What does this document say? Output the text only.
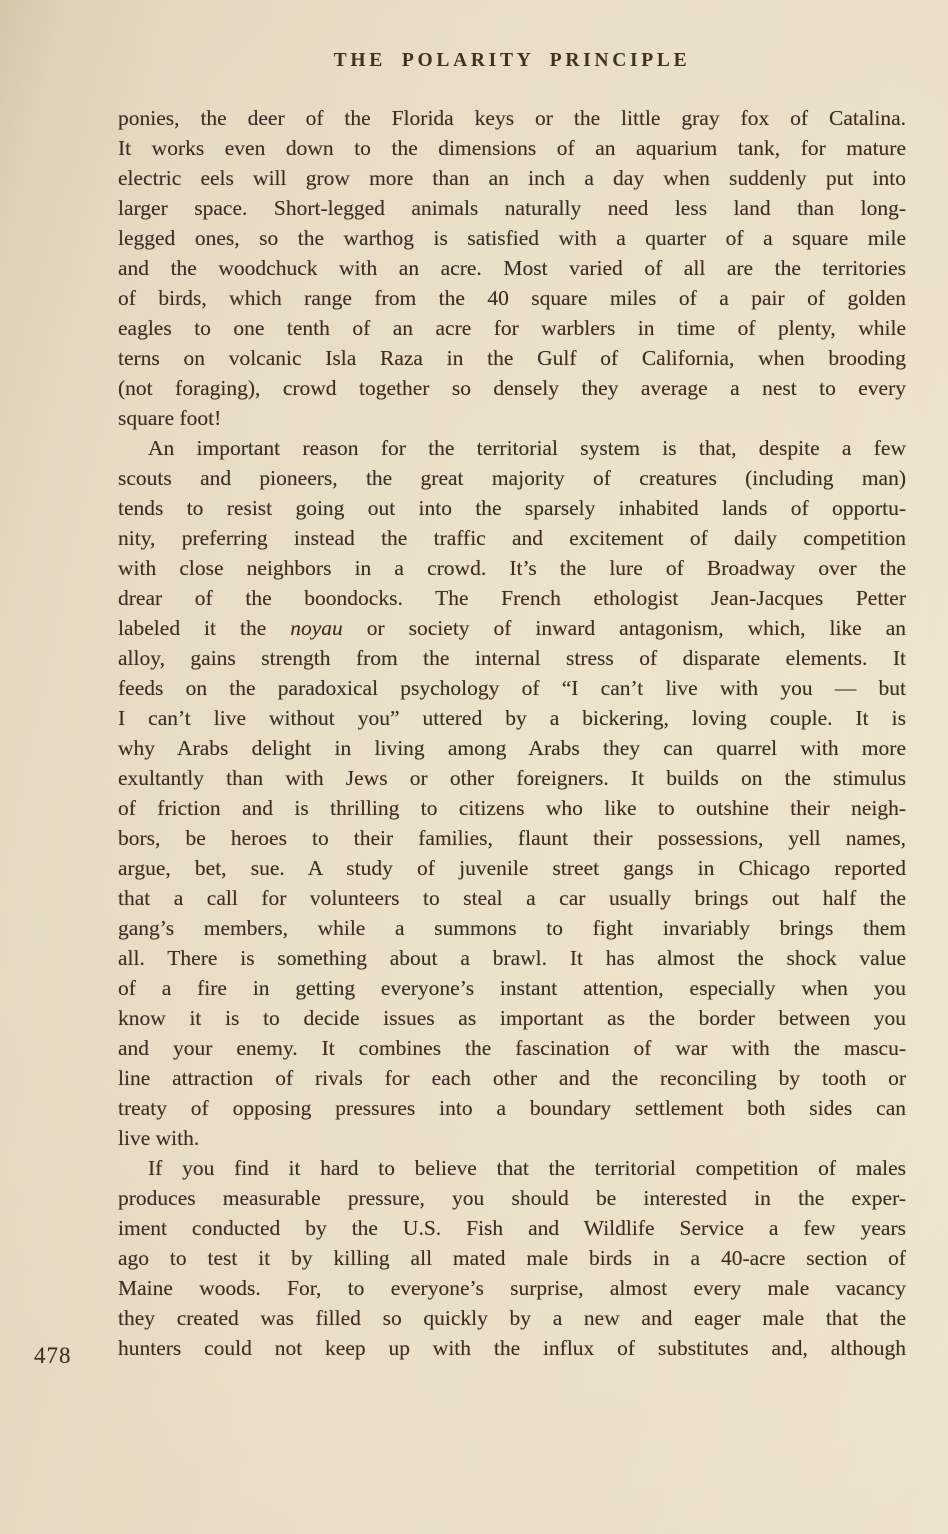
THE POLARITY PRINCIPLE
ponies, the deer of the Florida keys or the little gray fox of Catalina.
It works even down to the dimensions of an aquarium tank, for mature
electric eels will grow more than an inch a day when suddenly put into
larger space. Short-legged animals naturally need less land than long-
legged ones, so the warthog is satisfied with a quarter of a square mile
and the woodchuck with an acre. Most varied of all are the territories
of birds, which range from the 40 square miles of a pair of golden
eagles to one tenth of an acre for warblers in time of plenty, while
terns on volcanic Isla Raza in the Gulf of California, when brooding
(not foraging), crowd together so densely they average a nest to every
square foot!
An important reason for the territorial system is that, despite a few
scouts and pioneers, the great majority of creatures (including man)
tends to resist going out into the sparsely inhabited lands of opportu-
nity, preferring instead the traffic and excitement of daily competition
with close neighbors in a crowd. It’s the lure of Broadway over the
drear of the boondocks. The French ethologist Jean-Jacques Petter
labeled it the noyau or society of inward antagonism, which, like an
alloy, gains strength from the internal stress of disparate elements. It
feeds on the paradoxical psychology of “I can’t live with you — but
I can’t live without you” uttered by a bickering, loving couple. It is
why Arabs delight in living among Arabs they can quarrel with more
exultantly than with Jews or other foreigners. It builds on the stimulus
of friction and is thrilling to citizens who like to outshine their neigh-
bors, be heroes to their families, flaunt their possessions, yell names,
argue, bet, sue. A study of juvenile street gangs in Chicago reported
that a call for volunteers to steal a car usually brings out half the
gang’s members, while a summons to fight invariably brings them
all. There is something about a brawl. It has almost the shock value
of a fire in getting everyone’s instant attention, especially when you
know it is to decide issues as important as the border between you
and your enemy. It combines the fascination of war with the mascu-
line attraction of rivals for each other and the reconciling by tooth or
treaty of opposing pressures into a boundary settlement both sides can
live with.
If you find it hard to believe that the territorial competition of males
produces measurable pressure, you should be interested in the exper-
iment conducted by the U.S. Fish and Wildlife Service a few years
ago to test it by killing all mated male birds in a 40-acre section of
Maine woods. For, to everyone’s surprise, almost every male vacancy
they created was filled so quickly by a new and eager male that the
hunters could not keep up with the influx of substitutes and, although
478
